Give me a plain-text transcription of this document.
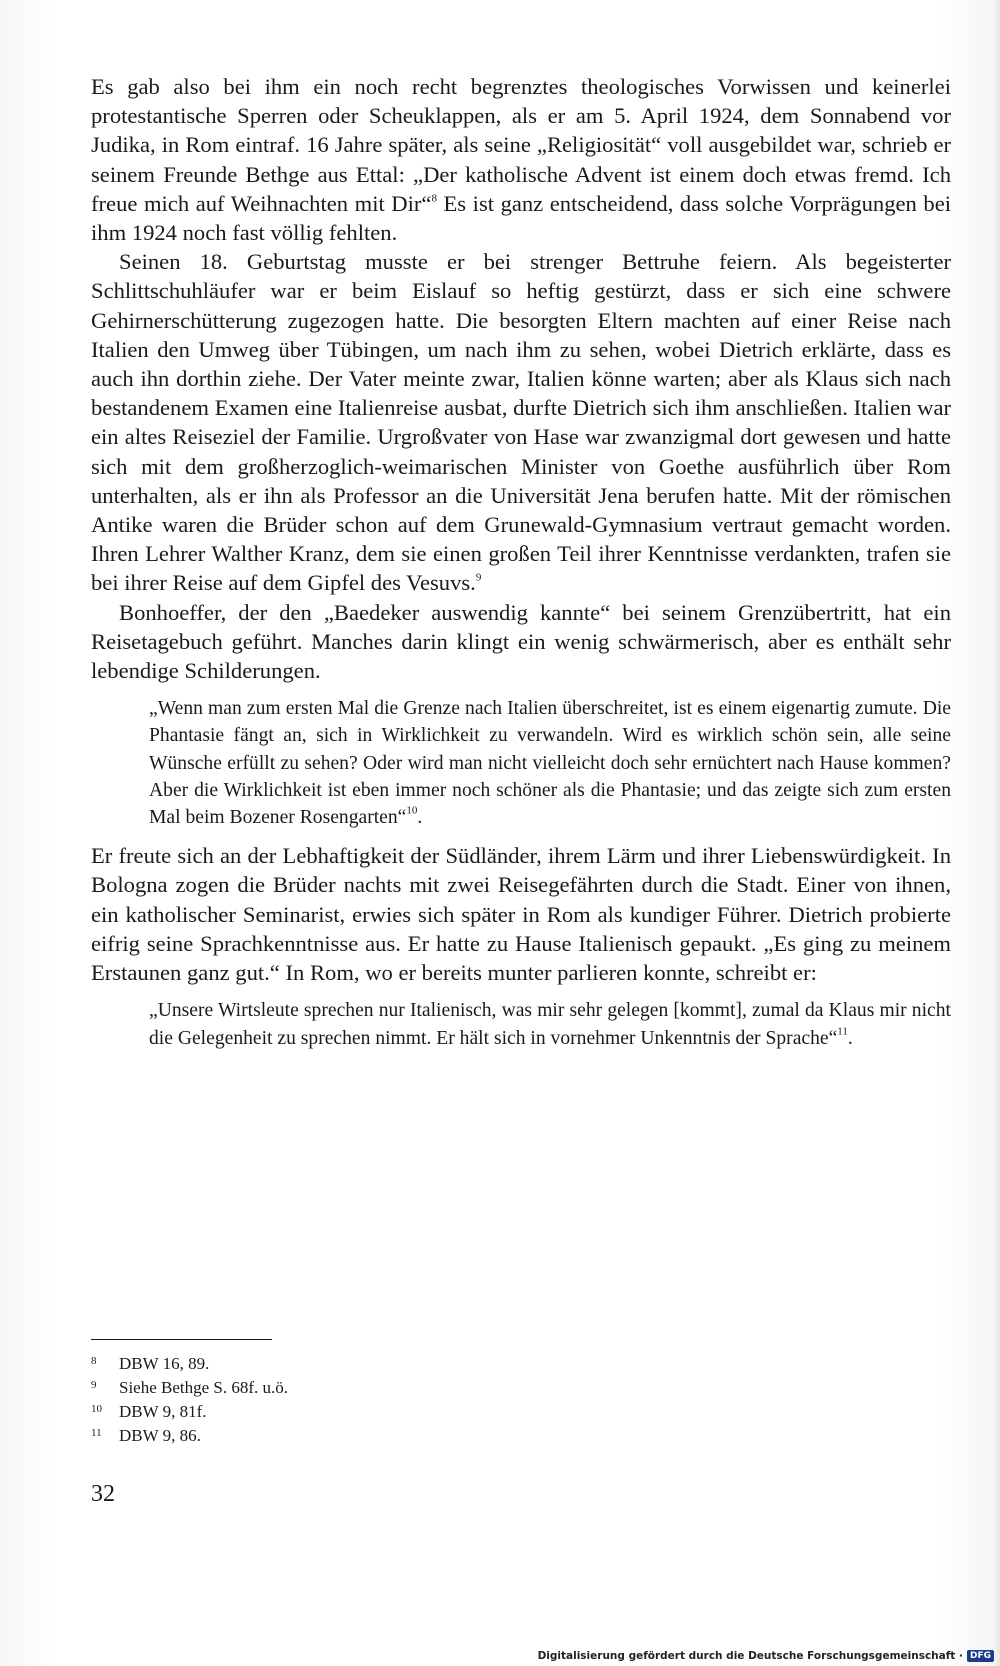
Es gab also bei ihm ein noch recht begrenztes theologisches Vorwissen und keinerlei protestantische Sperren oder Scheuklappen, als er am 5. April 1924, dem Sonnabend vor Judika, in Rom eintraf. 16 Jahre später, als seine „Religiosität“ voll ausgebildet war, schrieb er seinem Freunde Bethge aus Ettal: „Der katholische Advent ist einem doch etwas fremd. Ich freue mich auf Weihnachten mit Dir“$^8$ Es ist ganz entscheidend, dass solche Vorprägungen bei ihm 1924 noch fast völlig fehlten.

Seinen 18. Geburtstag musste er bei strenger Bettruhe feiern. Als begeisterter Schlittschuhläufer war er beim Eislauf so heftig gestürzt, dass er sich eine schwere Gehirnerschütterung zugezogen hatte. Die besorgten Eltern machten auf einer Reise nach Italien den Umweg über Tübingen, um nach ihm zu sehen, wobei Dietrich erklärte, dass es auch ihn dorthin ziehe. Der Vater meinte zwar, Italien könne warten; aber als Klaus sich nach bestandenem Examen eine Italienreise ausbat, durfte Dietrich sich ihm anschließen. Italien war ein altes Reiseziel der Familie. Urgroßvater von Hase war zwanzigmal dort gewesen und hatte sich mit dem großherzoglich-weimarischen Minister von Goethe ausführlich über Rom unterhalten, als er ihn als Professor an die Universität Jena berufen hatte. Mit der römischen Antike waren die Brüder schon auf dem Grunewald-Gymnasium vertraut gemacht worden. Ihren Lehrer Walther Kranz, dem sie einen großen Teil ihrer Kenntnisse verdankten, trafen sie bei ihrer Reise auf dem Gipfel des Vesuvs.$^9$

Bonhoeffer, der den „Baedeker auswendig kannte“ bei seinem Grenzübertritt, hat ein Reisetagebuch geführt. Manches darin klingt ein wenig schwärmerisch, aber es enthält sehr lebendige Schilderungen.

„Wenn man zum ersten Mal die Grenze nach Italien überschreitet, ist es einem eigenartig zumute. Die Phantasie fängt an, sich in Wirklichkeit zu verwandeln. Wird es wirklich schön sein, alle seine Wünsche erfüllt zu sehen? Oder wird man nicht vielleicht doch sehr ernüchtert nach Hause kommen? Aber die Wirklichkeit ist eben immer noch schöner als die Phantasie; und das zeigte sich zum ersten Mal beim Bozener Rosengarten“$^{10}$.

Er freute sich an der Lebhaftigkeit der Südländer, ihrem Lärm und ihrer Liebenswürdigkeit. In Bologna zogen die Brüder nachts mit zwei Reisegefährten durch die Stadt. Einer von ihnen, ein katholischer Seminarist, erwies sich später in Rom als kundiger Führer. Dietrich probierte eifrig seine Sprachkenntnisse aus. Er hatte zu Hause Italienisch gepaukt. „Es ging zu meinem Erstaunen ganz gut.“ In Rom, wo er bereits munter parlieren konnte, schreibt er:

„Unsere Wirtsleute sprechen nur Italienisch, was mir sehr gelegen [kommt], zumal da Klaus mir nicht die Gelegenheit zu sprechen nimmt. Er hält sich in vornehmer Unkenntnis der Sprache“$^{11}$.

8	DBW 16, 89.
9	Siehe Bethge S. 68f. u.ö.
10	DBW 9, 81f.
11	DBW 9, 86.
32
Digitalisierung gefördert durch die Deutsche Forschungsgemeinschaft · DFG
